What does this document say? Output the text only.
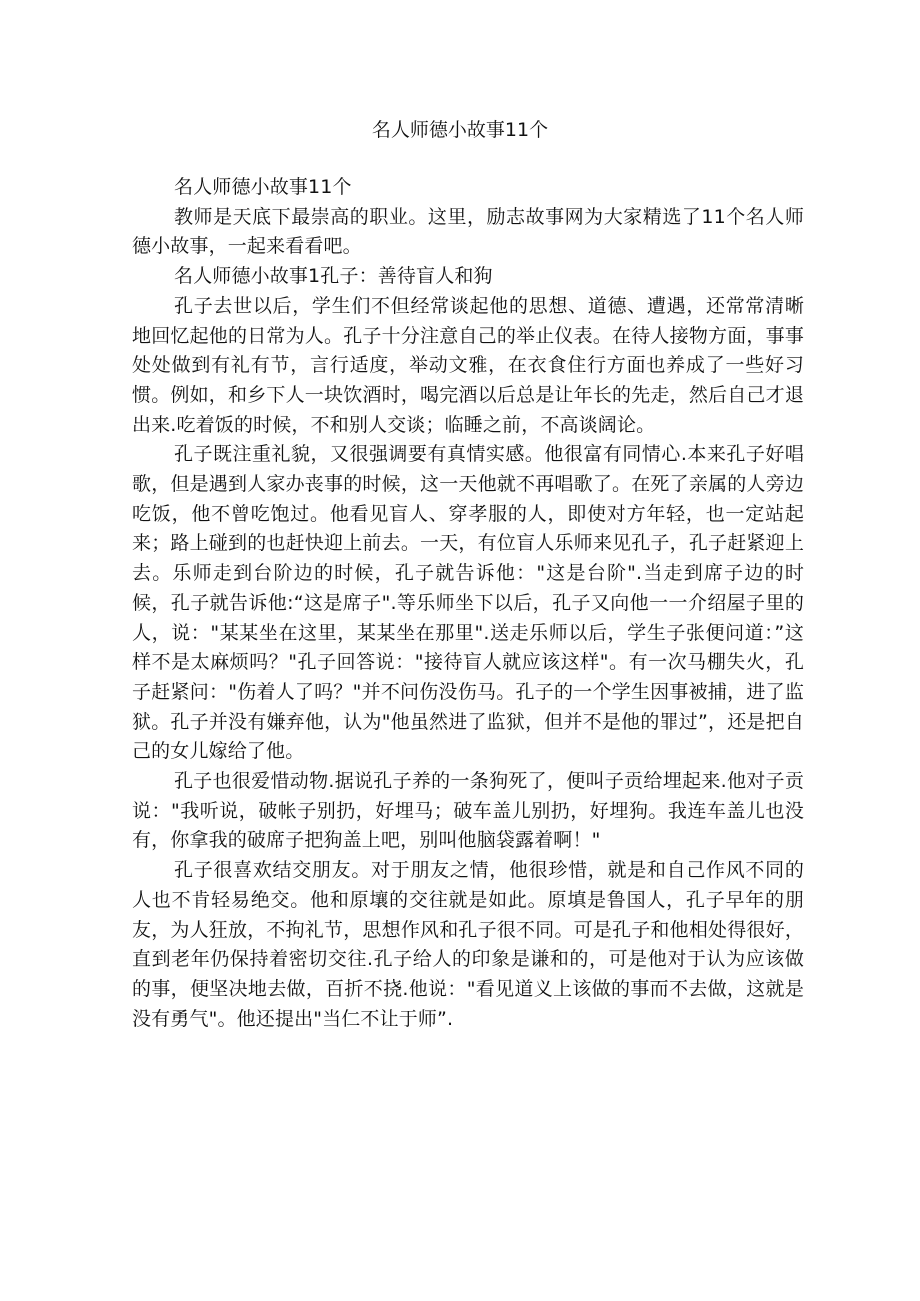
名人师德小故事11个

名人师德小故事11个

教师是天底下最崇高的职业。这里，励志故事网为大家精选了11个名人师德小故事，一起来看看吧。

名人师德小故事1孔子：善待盲人和狗

孔子去世以后，学生们不但经常谈起他的思想、道德、遭遇，还常常清晰地回忆起他的日常为人。孔子十分注意自己的举止仪表。在待人接物方面，事事处处做到有礼有节，言行适度，举动文雅，在衣食住行方面也养成了一些好习惯。例如，和乡下人一块饮酒时，喝完酒以后总是让年长的先走，然后自己才退出来.吃着饭的时候，不和别人交谈；临睡之前，不高谈阔论。

孔子既注重礼貌，又很强调要有真情实感。他很富有同情心.本来孔子好唱歌，但是遇到人家办丧事的时候，这一天他就不再唱歌了。在死了亲属的人旁边吃饭，他不曾吃饱过。他看见盲人、穿孝服的人，即使对方年轻，也一定站起来；路上碰到的也赶快迎上前去。一天，有位盲人乐师来见孔子，孔子赶紧迎上去。乐师走到台阶边的时候，孔子就告诉他："这是台阶".当走到席子边的时候，孔子就告诉他:“这是席子".等乐师坐下以后，孔子又向他一一介绍屋子里的人，说："某某坐在这里，某某坐在那里".送走乐师以后，学生子张便问道：”这样不是太麻烦吗？"孔子回答说："接待盲人就应该这样"。有一次马棚失火，孔子赶紧问："伤着人了吗？"并不问伤没伤马。孔子的一个学生因事被捕，进了监狱。孔子并没有嫌弃他，认为"他虽然进了监狱，但并不是他的罪过”，还是把自己的女儿嫁给了他。

孔子也很爱惜动物.据说孔子养的一条狗死了，便叫子贡给埋起来.他对子贡说："我听说，破帐子别扔，好埋马；破车盖儿别扔，好埋狗。我连车盖儿也没有，你拿我的破席子把狗盖上吧，别叫他脑袋露着啊！"

孔子很喜欢结交朋友。对于朋友之情，他很珍惜，就是和自己作风不同的人也不肯轻易绝交。他和原壤的交往就是如此。原填是鲁国人，孔子早年的朋友，为人狂放，不拘礼节，思想作风和孔子很不同。可是孔子和他相处得很好，直到老年仍保持着密切交往.孔子给人的印象是谦和的，可是他对于认为应该做的事，便坚决地去做，百折不挠.他说："看见道义上该做的事而不去做，这就是没有勇气"。他还提出"当仁不让于师”.
